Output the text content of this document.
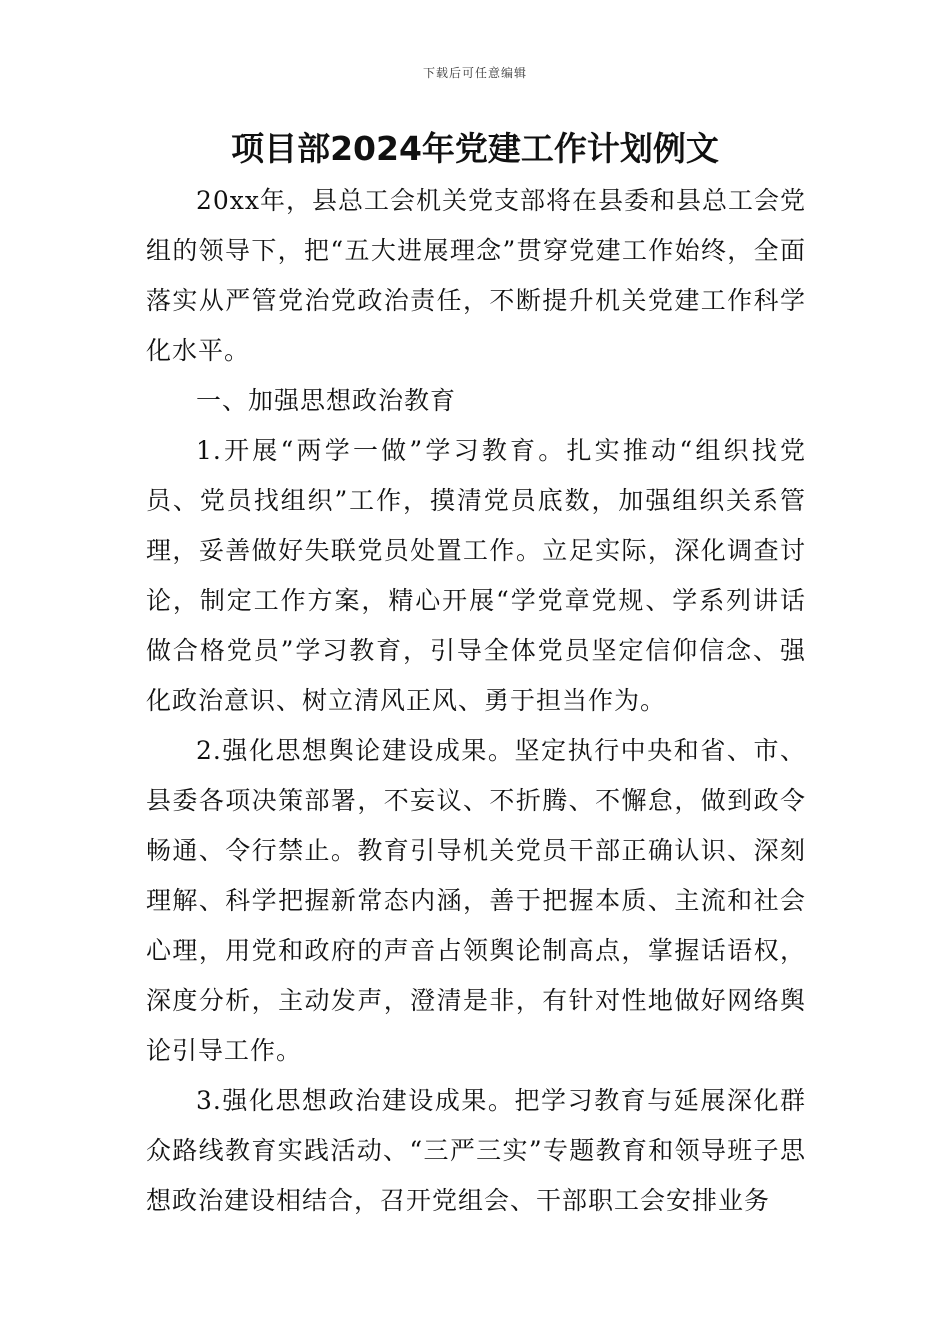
下载后可任意编辑
项目部2024年党建工作计划例文

20xx年，县总工会机关党支部将在县委和县总工会党组的领导下，把“五大进展理念”贯穿党建工作始终，全面落实从严管党治党政治责任，不断提升机关党建工作科学化水平。

一、加强思想政治教育

1.开展“两学一做”学习教育。扎实推动“组织找党员、党员找组织”工作，摸清党员底数，加强组织关系管理，妥善做好失联党员处置工作。立足实际，深化调查讨论，制定工作方案，精心开展“学党章党规、学系列讲话做合格党员”学习教育，引导全体党员坚定信仰信念、强化政治意识、树立清风正风、勇于担当作为。

2.强化思想舆论建设成果。坚定执行中央和省、市、县委各项决策部署，不妄议、不折腾、不懈怠，做到政令畅通、令行禁止。教育引导机关党员干部正确认识、深刻理解、科学把握新常态内涵，善于把握本质、主流和社会心理，用党和政府的声音占领舆论制高点，掌握话语权，深度分析，主动发声，澄清是非，有针对性地做好网络舆论引导工作。

3.强化思想政治建设成果。把学习教育与延展深化群众路线教育实践活动、“三严三实”专题教育和领导班子思想政治建设相结合，召开党组会、干部职工会安排业务
